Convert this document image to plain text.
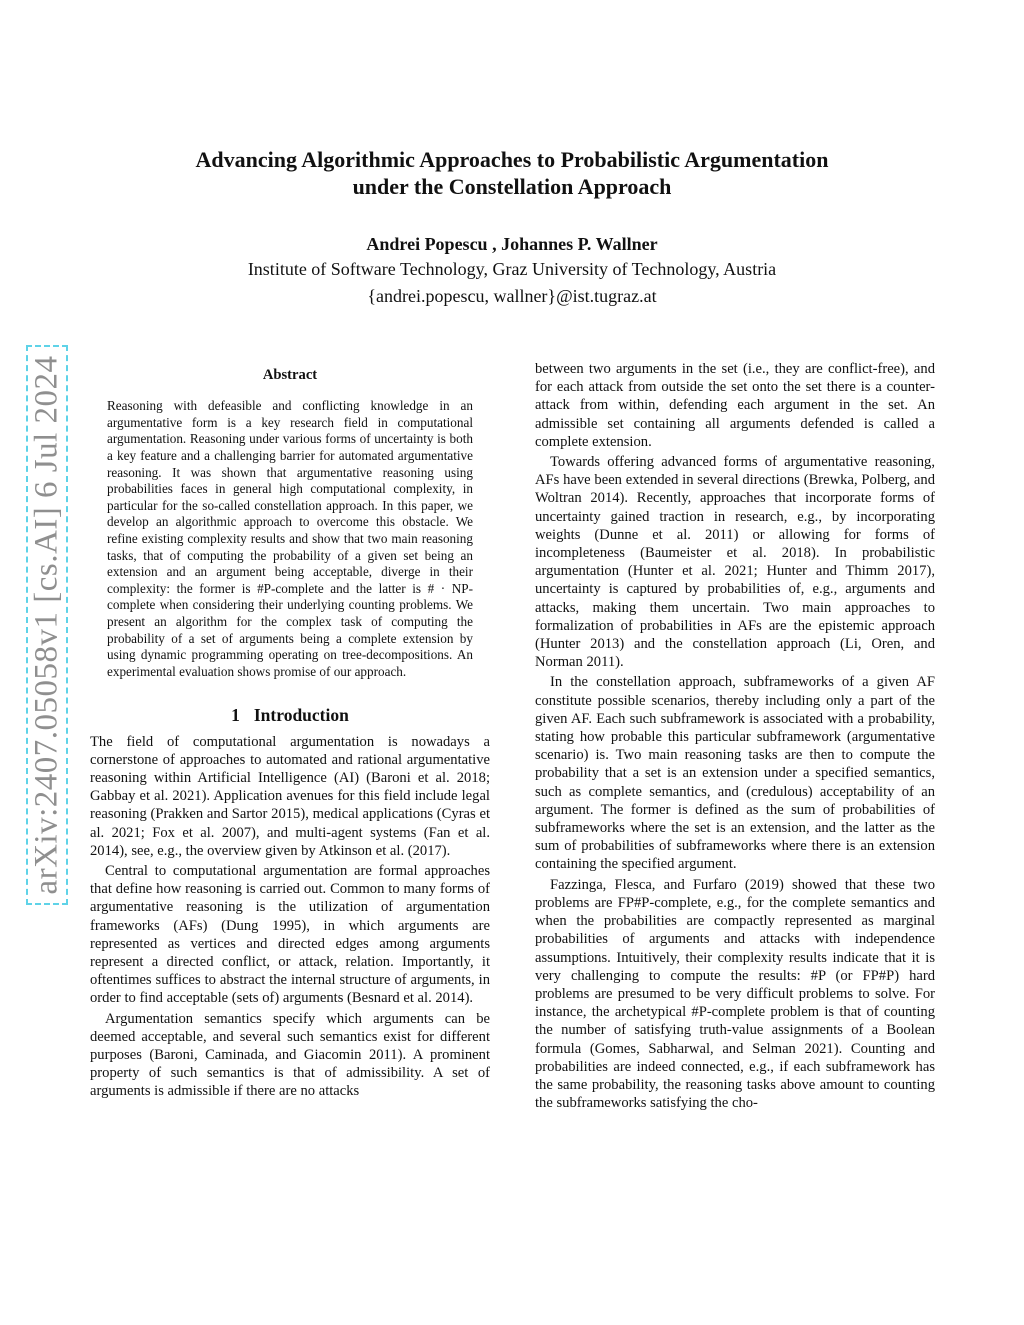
arXiv:2407.05058v1 [cs.AI] 6 Jul 2024
Advancing Algorithmic Approaches to Probabilistic Argumentation
under the Constellation Approach
Andrei Popescu , Johannes P. Wallner
Institute of Software Technology, Graz University of Technology, Austria
{andrei.popescu, wallner}@ist.tugraz.at
Abstract
Reasoning with defeasible and conflicting knowledge in an argumentative form is a key research field in computational argumentation. Reasoning under various forms of uncertainty is both a key feature and a challenging barrier for automated argumentative reasoning. It was shown that argumentative reasoning using probabilities faces in general high computational complexity, in particular for the so-called constellation approach. In this paper, we develop an algorithmic approach to overcome this obstacle. We refine existing complexity results and show that two main reasoning tasks, that of computing the probability of a given set being an extension and an argument being acceptable, diverge in their complexity: the former is #P-complete and the latter is # · NP-complete when considering their underlying counting problems. We present an algorithm for the complex task of computing the probability of a set of arguments being a complete extension by using dynamic programming operating on tree-decompositions. An experimental evaluation shows promise of our approach.
1 Introduction

The field of computational argumentation is nowadays a cornerstone of approaches to automated and rational argumentative reasoning within Artificial Intelligence (AI) (Baroni et al. 2018; Gabbay et al. 2021). Application avenues for this field include legal reasoning (Prakken and Sartor 2015), medical applications (Cyras et al. 2021; Fox et al. 2007), and multi-agent systems (Fan et al. 2014), see, e.g., the overview given by Atkinson et al. (2017).

Central to computational argumentation are formal approaches that define how reasoning is carried out. Common to many forms of argumentative reasoning is the utilization of argumentation frameworks (AFs) (Dung 1995), in which arguments are represented as vertices and directed edges among arguments represent a directed conflict, or attack, relation. Importantly, it oftentimes suffices to abstract the internal structure of arguments, in order to find acceptable (sets of) arguments (Besnard et al. 2014).

Argumentation semantics specify which arguments can be deemed acceptable, and several such semantics exist for different purposes (Baroni, Caminada, and Giacomin 2011). A prominent property of such semantics is that of admissibility. A set of arguments is admissible if there are no attacks

between two arguments in the set (i.e., they are conflict-free), and for each attack from outside the set onto the set there is a counter-attack from within, defending each argument in the set. An admissible set containing all arguments defended is called a complete extension.

Towards offering advanced forms of argumentative reasoning, AFs have been extended in several directions (Brewka, Polberg, and Woltran 2014). Recently, approaches that incorporate forms of uncertainty gained traction in research, e.g., by incorporating weights (Dunne et al. 2011) or allowing for forms of incompleteness (Baumeister et al. 2018). In probabilistic argumentation (Hunter et al. 2021; Hunter and Thimm 2017), uncertainty is captured by probabilities of, e.g., arguments and attacks, making them uncertain. Two main approaches to formalization of probabilities in AFs are the epistemic approach (Hunter 2013) and the constellation approach (Li, Oren, and Norman 2011).

In the constellation approach, subframeworks of a given AF constitute possible scenarios, thereby including only a part of the given AF. Each such subframework is associated with a probability, stating how probable this particular subframework (argumentative scenario) is. Two main reasoning tasks are then to compute the probability that a set is an extension under a specified semantics, such as complete semantics, and (credulous) acceptability of an argument. The former is defined as the sum of probabilities of subframeworks where the set is an extension, and the latter as the sum of probabilities of subframeworks where there is an extension containing the specified argument.

Fazzinga, Flesca, and Furfaro (2019) showed that these two problems are FP#P-complete, e.g., for the complete semantics and when the probabilities are compactly represented as marginal probabilities of arguments and attacks with independence assumptions. Intuitively, their complexity results indicate that it is very challenging to compute the results: #P (or FP#P) hard problems are presumed to be very difficult problems to solve. For instance, the archetypical #P-complete problem is that of counting the number of satisfying truth-value assignments of a Boolean formula (Gomes, Sabharwal, and Selman 2021). Counting and probabilities are indeed connected, e.g., if each subframework has the same probability, the reasoning tasks above amount to counting the subframeworks satisfying the cho-
